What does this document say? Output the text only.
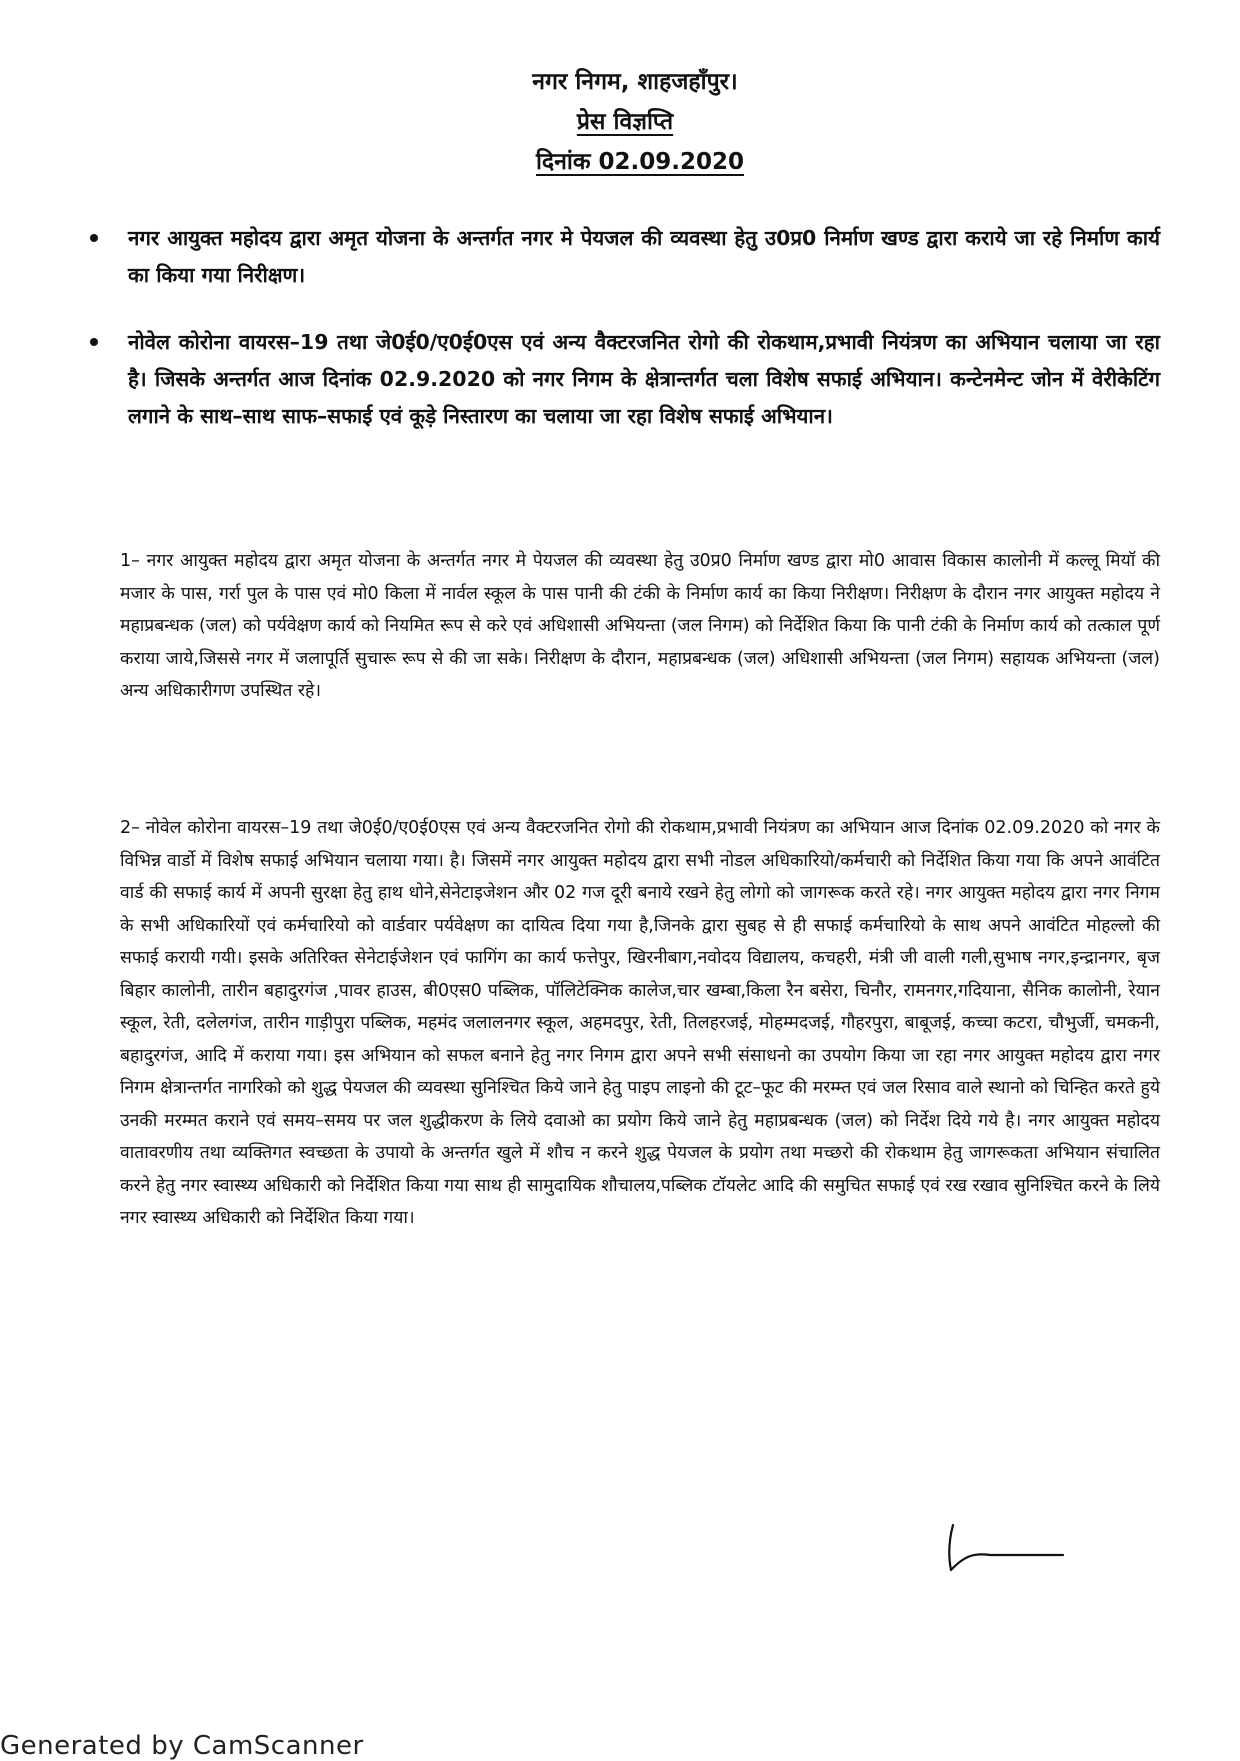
नगर निगम, शाहजहाँपुर।
प्रेस विज्ञप्ति
दिनांक 02.09.2020
नगर आयुक्त महोदय द्वारा अमृत योजना के अन्तर्गत नगर मे पेयजल की व्यवस्था हेतु उ0प्र0 निर्माण खण्ड द्वारा कराये जा रहे निर्माण कार्य का किया गया निरीक्षण।
नोवेल कोरोना वायरस–19 तथा जे0ई0/ए0ई0एस एवं अन्य वैक्टरजनित रोगो की रोकथाम,प्रभावी नियंत्रण का अभियान चलाया जा रहा है। जिसके अन्तर्गत आज दिनांक 02.9.2020 को नगर निगम के क्षेत्रान्तर्गत चला विशेष सफाई अभियान। कन्टेनमेन्ट जोन में वेरीकेटिंग लगाने के साथ–साथ साफ–सफाई एवं कूड़े निस्तारण का चलाया जा रहा विशेष सफाई अभियान।
1– नगर आयुक्त महोदय द्वारा अमृत योजना के अन्तर्गत नगर मे पेयजल की व्यवस्था हेतु उ0प्र0 निर्माण खण्ड द्वारा मो0 आवास विकास कालोनी में कल्लू मियॉ की मजार के पास, गर्रा पुल के पास एवं मो0 किला में नार्वल स्कूल के पास पानी की टंकी के निर्माण कार्य का किया निरीक्षण। निरीक्षण के दौरान नगर आयुक्त महोदय ने महाप्रबन्धक (जल) को पर्यवेक्षण कार्य को नियमित रूप से करे एवं अधिशासी अभियन्ता (जल निगम) को निर्देशित किया कि पानी टंकी के निर्माण कार्य को तत्काल पूर्ण कराया जाये,जिससे नगर में जलापूर्ति सुचारू रूप से की जा सके। निरीक्षण के दौरान, महाप्रबन्धक (जल) अधिशासी अभियन्ता (जल निगम) सहायक अभियन्ता (जल) अन्य अधिकारीगण उपस्थित रहे।
2– नोवेल कोरोना वायरस–19 तथा जे0ई0/ए0ई0एस एवं अन्य वैक्टरजनित रोगो की रोकथाम,प्रभावी नियंत्रण का अभियान आज दिनांक 02.09.2020 को नगर के विभिन्न वार्डो में विशेष सफाई अभियान चलाया गया। है। जिसमें नगर आयुक्त महोदय द्वारा सभी नोडल अधिकारियो/कर्मचारी को निर्देशित किया गया कि अपने आवंटित वार्ड की सफाई कार्य में अपनी सुरक्षा हेतु हाथ धोने,सेनेटाइजेशन और 02 गज दूरी बनाये रखने हेतु लोगो को जागरूक करते रहे। नगर आयुक्त महोदय द्वारा नगर निगम के सभी अधिकारियों एवं कर्मचारियो को वार्डवार पर्यवेक्षण का दायित्व दिया गया है,जिनके द्वारा सुबह से ही सफाई कर्मचारियो के साथ अपने आवंटित मोहल्लो की सफाई करायी गयी। इसके अतिरिक्त सेनेटाईजेशन एवं फागिंग का कार्य फत्तेपुर, खिरनीबाग,नवोदय विद्यालय, कचहरी, मंत्री जी वाली गली,सुभाष नगर,इन्द्रानगर, बृज बिहार कालोनी, तारीन बहादुरगंज ,पावर हाउस, बी0एस0 पब्लिक, पॉलिटेक्निक कालेज,चार खम्बा,किला रैन बसेरा, चिनौर, रामनगर,गदियाना, सैनिक कालोनी, रेयान स्कूल, रेती, दलेलगंज, तारीन गाड़ीपुरा पब्लिक, महमंद जलालनगर स्कूल, अहमदपुर, रेती, तिलहरजई, मोहम्मदजई, गौहरपुरा, बाबूजई, कच्चा कटरा, चौभुर्जी, चमकनी, बहादुरगंज, आदि में कराया गया। इस अभियान को सफल बनाने हेतु नगर निगम द्वारा अपने सभी संसाधनो का उपयोग किया जा रहा नगर आयुक्त महोदय द्वारा नगर निगम क्षेत्रान्तर्गत नागरिको को शुद्ध पेयजल की व्यवस्था सुनिश्चित किये जाने हेतु पाइप लाइनो की टूट–फूट की मरम्म्त एवं जल रिसाव वाले स्थानो को चिन्हित करते हुये उनकी मरम्मत कराने एवं समय–समय पर जल शुद्धीकरण के लिये दवाओ का प्रयोग किये जाने हेतु महाप्रबन्धक (जल) को निर्देश दिये गये है। नगर आयुक्त महोदय वातावरणीय तथा व्यक्तिगत स्वच्छता के उपायो के अन्तर्गत खुले में शौच न करने शुद्ध पेयजल के प्रयोग तथा मच्छरो की रोकथाम हेतु जागरूकता अभियान संचालित करने हेतु नगर स्वास्थ्य अधिकारी को निर्देशित किया गया साथ ही सामुदायिक शौचालय,पब्लिक टॉयलेट आदि की समुचित सफाई एवं रख रखाव सुनिश्चित करने के लिये नगर स्वास्थ्य अधिकारी को निर्देशित किया गया।
Generated by CamScanner
